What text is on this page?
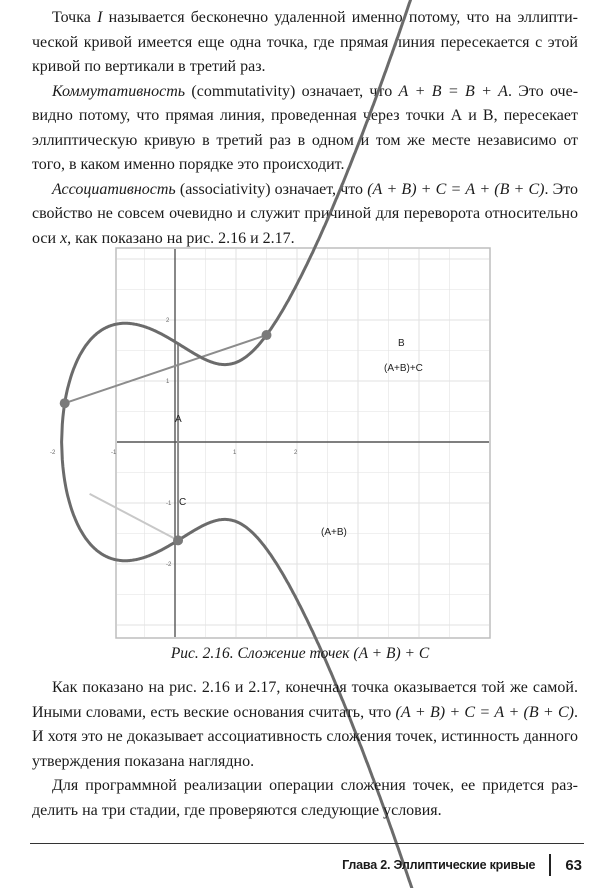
Точка I называется бесконечно удаленной именно потому, что на эллиптической кривой имеется еще одна точка, где прямая линия пересекается с этой кривой по вертикали в третий раз.

Коммутативность (commutativity) означает, что А + В = В + А. Это очевидно потому, что прямая линия, проведенная через точки А и В, пересекает эллиптическую кривую в третий раз в одном и том же месте независимо от того, в каком именно порядке это происходит.

Ассоциативность (associativity) означает, что (А + В) + С = А + (В + С). Это свойство не совсем очевидно и служит причиной для переворота относительно оси x, как показано на рис. 2.16 и 2.17.

-2	-1	1	2
2
1
-1
-2
A
B
C
(A+B)
(A+B)+C
Рис. 2.16. Сложение точек (A + B) + C

Как показано на рис. 2.16 и 2.17, конечная точка оказывается той же самой. Иными словами, есть веские основания считать, что (А + В) + С = А + (В + С). И хотя это не доказывает ассоциативность сложения точек, истинность данного утверждения показана наглядно.

Для программной реализации операции сложения точек, ее придется разделить на три стадии, где проверяются следующие условия.

Глава 2. Эллиптические кривые 63
